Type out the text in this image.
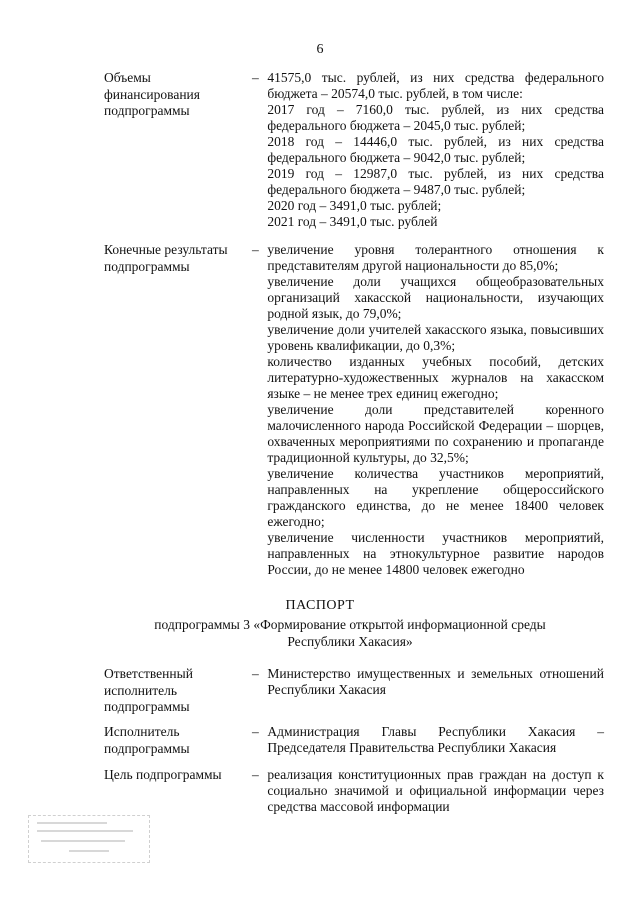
6
Объемы финансирования подпрограммы
– 41575,0 тыс. рублей, из них средства федерального бюджета – 20574,0 тыс. рублей, в том числе:
2017 год – 7160,0 тыс. рублей, из них средства федерального бюджета – 2045,0 тыс. рублей;
2018 год – 14446,0 тыс. рублей, из них средства федерального бюджета – 9042,0 тыс. рублей;
2019 год – 12987,0 тыс. рублей, из них средства федерального бюджета – 9487,0 тыс. рублей;
2020 год – 3491,0 тыс. рублей;
2021 год – 3491,0 тыс. рублей
Конечные результаты подпрограммы
– увеличение уровня толерантного отношения к представителям другой национальности до 85,0%;
увеличение доли учащихся общеобразовательных организаций хакасской национальности, изучающих родной язык, до 79,0%;
увеличение доли учителей хакасского языка, повысивших уровень квалификации, до 0,3%;
количество изданных учебных пособий, детских литературно-художественных журналов на хакасском языке – не менее трех единиц ежегодно;
увеличение доли представителей коренного малочисленного народа Российской Федерации – шорцев, охваченных мероприятиями по сохранению и пропаганде традиционной культуры, до 32,5%;
увеличение количества участников мероприятий, направленных на укрепление общероссийского гражданского единства, до не менее 18400 человек ежегодно;
увеличение численности участников мероприятий, направленных на этнокультурное развитие народов России, до не менее 14800 человек ежегодно
ПАСПОРТ
подпрограммы 3 «Формирование открытой информационной среды Республики Хакасия»
Ответственный исполнитель подпрограммы
– Министерство имущественных и земельных отношений Республики Хакасия
Исполнитель подпрограммы
– Администрация Главы Республики Хакасия – Председателя Правительства Республики Хакасия
Цель подпрограммы	– реализация конституционных прав граждан на доступ к социально значимой и официальной информации через средства массовой информации
